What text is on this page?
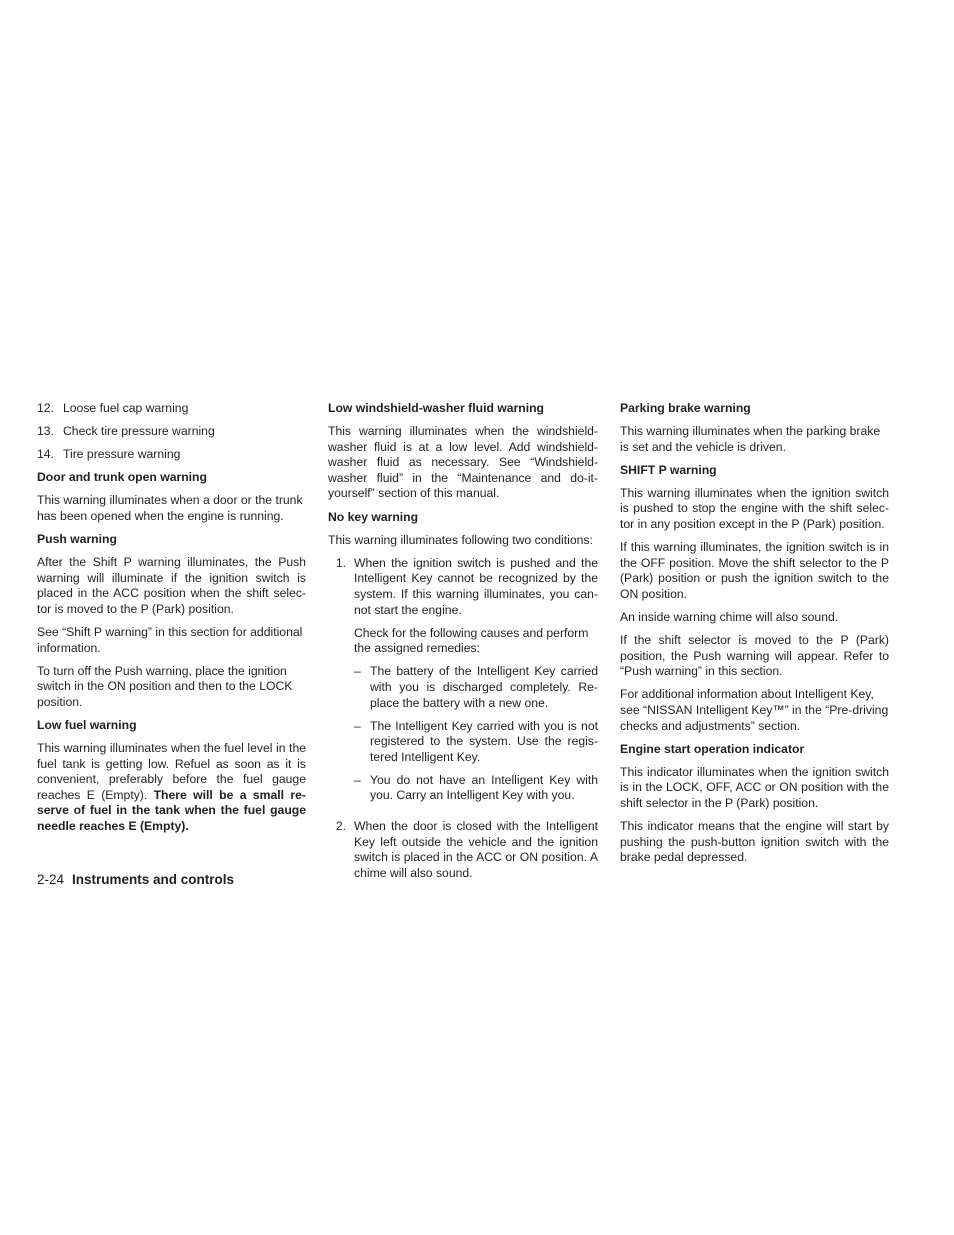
12. Loose fuel cap warning
13. Check tire pressure warning
14. Tire pressure warning
Door and trunk open warning

This warning illuminates when a door or the trunk has been opened when the engine is running.

Push warning

After the Shift P warning illuminates, the Push warning will illuminate if the ignition switch is placed in the ACC position when the shift selec-tor is moved to the P (Park) position.

See “Shift P warning” in this section for additional information.

To turn off the Push warning, place the ignition switch in the ON position and then to the LOCK position.

Low fuel warning

This warning illuminates when the fuel level in the fuel tank is getting low. Refuel as soon as it is convenient, preferably before the fuel gauge reaches E (Empty). There will be a small re-serve of fuel in the tank when the fuel gauge needle reaches E (Empty).

Low windshield-washer fluid warning

This warning illuminates when the windshield-washer fluid is at a low level. Add windshield-washer fluid as necessary. See “Windshield-washer fluid” in the “Maintenance and do-it-yourself” section of this manual.

No key warning

This warning illuminates following two conditions:

1. When the ignition switch is pushed and the Intelligent Key cannot be recognized by the system. If this warning illuminates, you can-not start the engine.

Check for the following causes and perform the assigned remedies:

– The battery of the Intelligent Key carried with you is discharged completely. Re-place the battery with a new one.
– The Intelligent Key carried with you is not registered to the system. Use the regis-tered Intelligent Key.
– You do not have an Intelligent Key with you. Carry an Intelligent Key with you.
2. When the door is closed with the Intelligent Key left outside the vehicle and the ignition switch is placed in the ACC or ON position. A chime will also sound.

Parking brake warning

This warning illuminates when the parking brake is set and the vehicle is driven.

SHIFT P warning

This warning illuminates when the ignition switch is pushed to stop the engine with the shift selec-tor in any position except in the P (Park) position.

If this warning illuminates, the ignition switch is in the OFF position. Move the shift selector to the P (Park) position or push the ignition switch to the ON position.

An inside warning chime will also sound.

If the shift selector is moved to the P (Park) position, the Push warning will appear. Refer to “Push warning” in this section.

For additional information about Intelligent Key, see “NISSAN Intelligent Key™” in the “Pre-driving checks and adjustments” section.

Engine start operation indicator

This indicator illuminates when the ignition switch is in the LOCK, OFF, ACC or ON position with the shift selector in the P (Park) position.

This indicator means that the engine will start by pushing the push-button ignition switch with the brake pedal depressed.

2-24 Instruments and controls
